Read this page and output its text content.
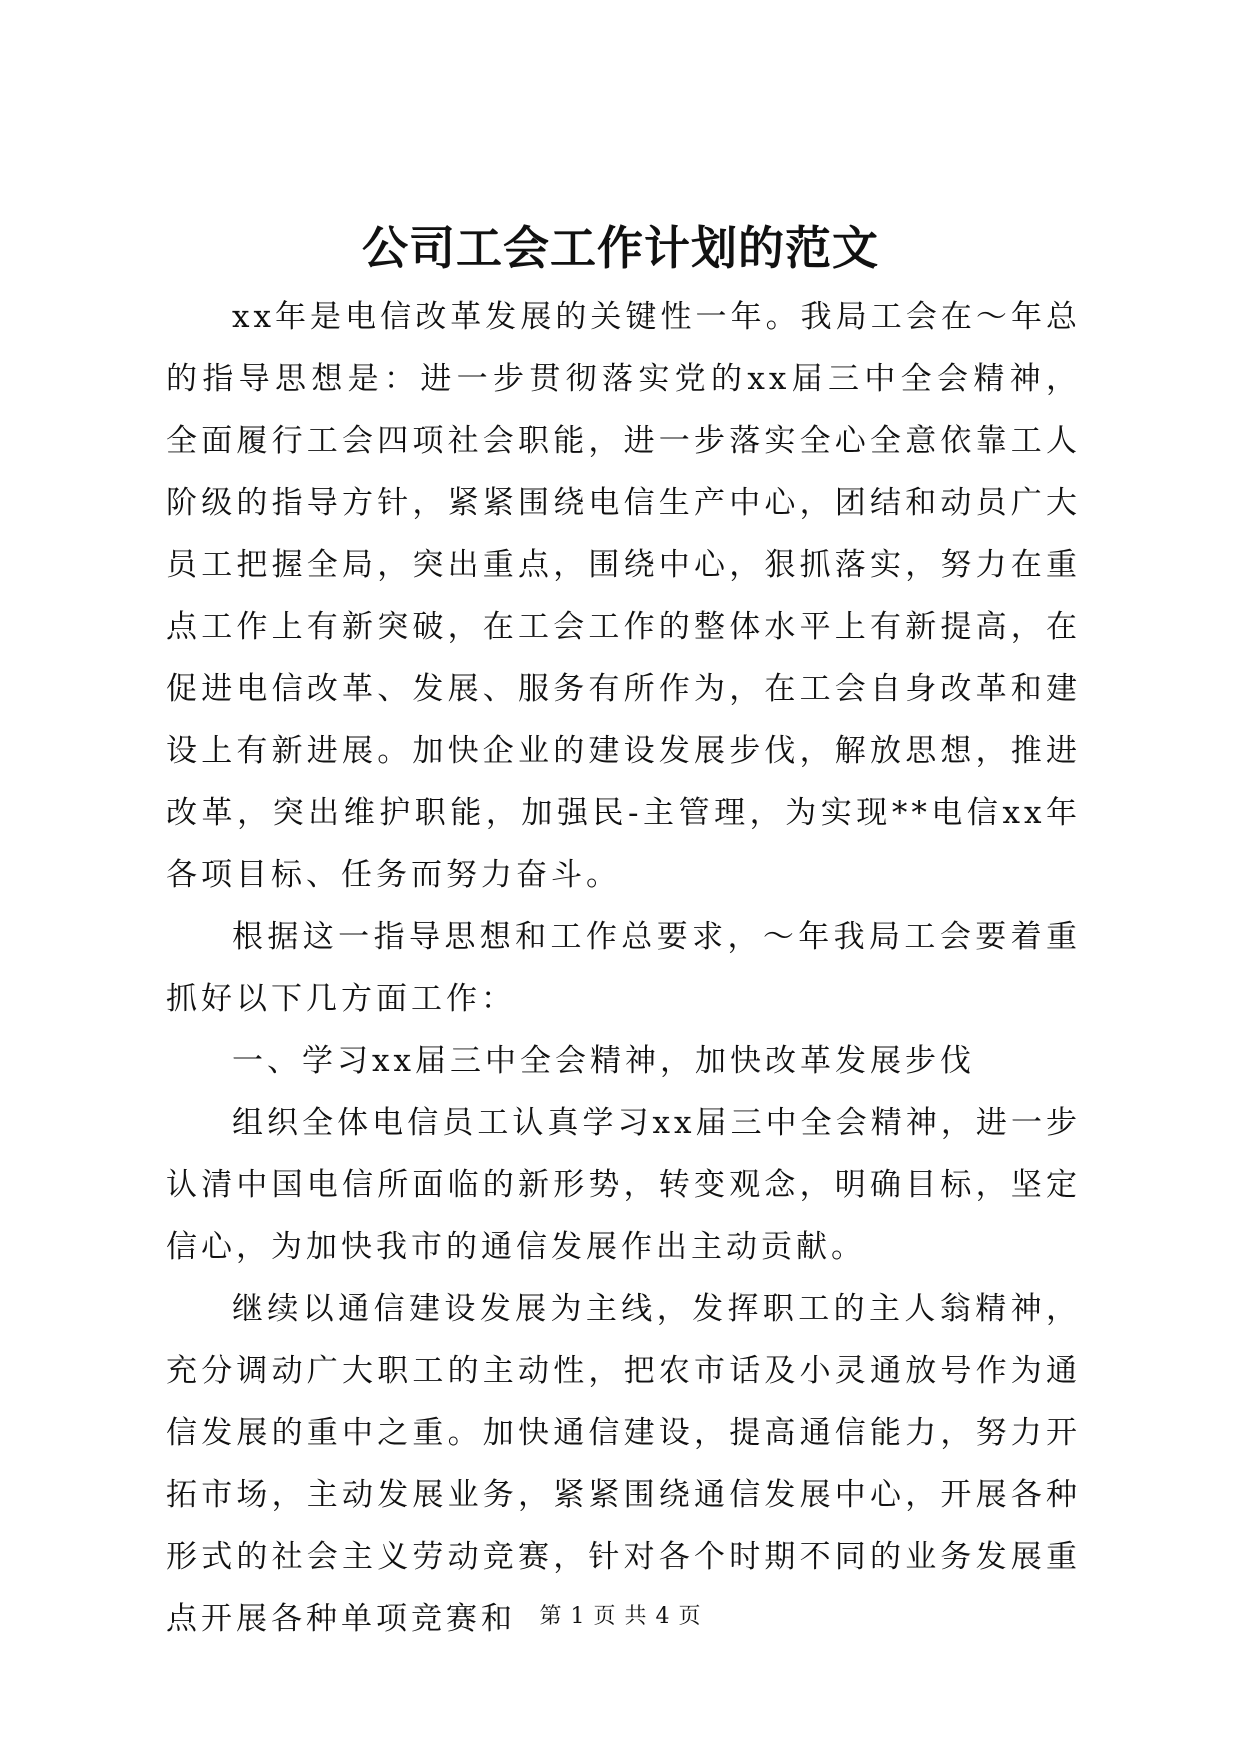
公司工会工作计划的范文

xx年是电信改革发展的关键性一年。我局工会在～年总的指导思想是：进一步贯彻落实党的xx届三中全会精神，全面履行工会四项社会职能，进一步落实全心全意依靠工人阶级的指导方针，紧紧围绕电信生产中心，团结和动员广大员工把握全局，突出重点，围绕中心，狠抓落实，努力在重点工作上有新突破，在工会工作的整体水平上有新提高，在促进电信改革、发展、服务有所作为，在工会自身改革和建设上有新进展。加快企业的建设发展步伐，解放思想，推进改革，突出维护职能，加强民-主管理，为实现**电信xx年各项目标、任务而努力奋斗。

根据这一指导思想和工作总要求，～年我局工会要着重抓好以下几方面工作：

一、学习xx届三中全会精神，加快改革发展步伐

组织全体电信员工认真学习xx届三中全会精神，进一步认清中国电信所面临的新形势，转变观念，明确目标，坚定信心，为加快我市的通信发展作出主动贡献。

继续以通信建设发展为主线，发挥职工的主人翁精神，充分调动广大职工的主动性，把农市话及小灵通放号作为通信发展的重中之重。加快通信建设，提高通信能力，努力开拓市场，主动发展业务，紧紧围绕通信发展中心，开展各种形式的社会主义劳动竞赛，针对各个时期不同的业务发展重点开展各种单项竞赛和	第 1 页 共 4 页
